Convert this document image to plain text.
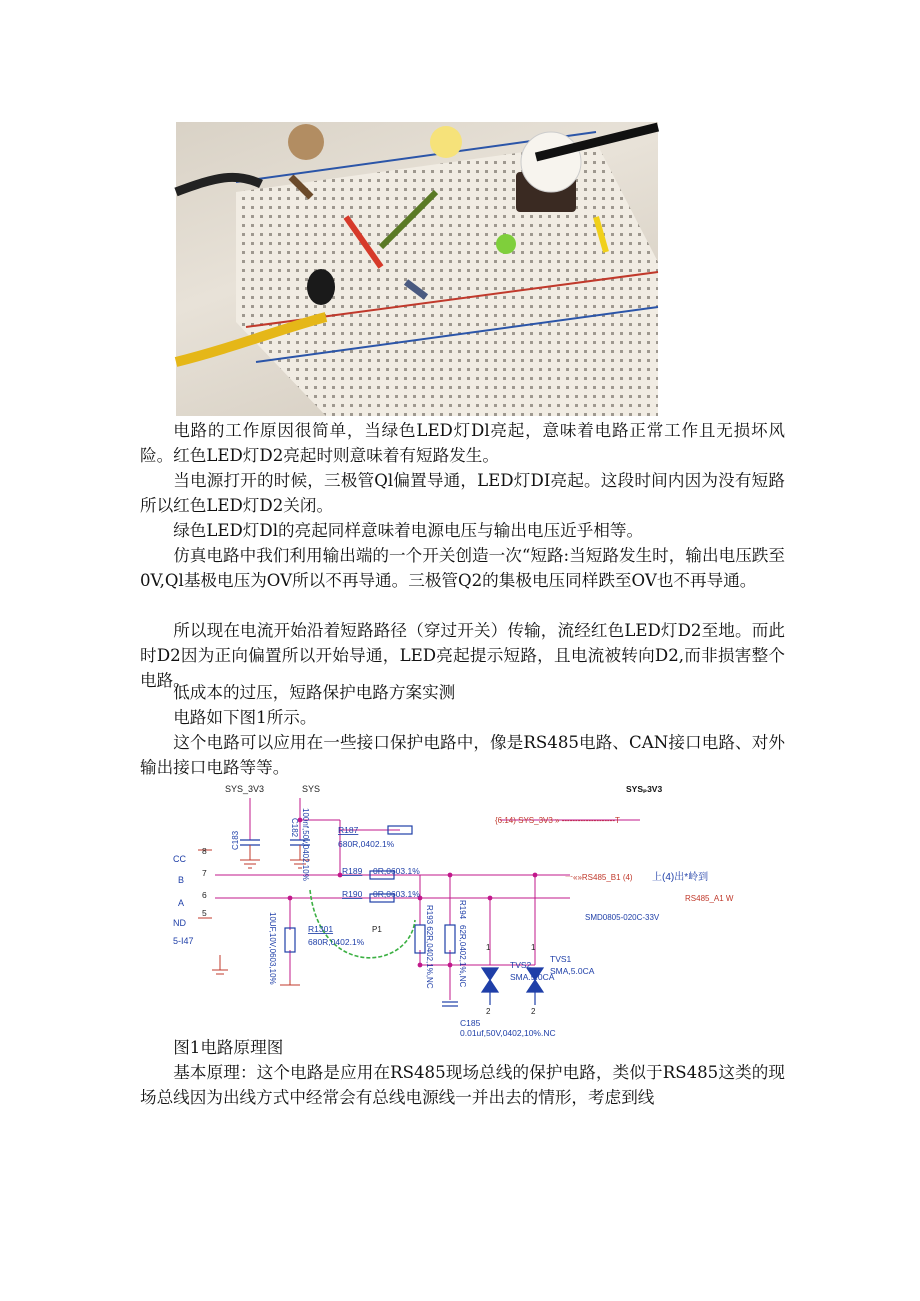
电路的工作原因很简单，当绿色LED灯Dl亮起，意味着电路正常工作且无损坏风险。红色LED灯D2亮起时则意味着有短路发生。

当电源打开的时候，三极管Ql偏置导通，LED灯DI亮起。这段时间内因为没有短路所以红色LED灯D2关闭。

绿色LED灯Dl的亮起同样意味着电源电压与输出电压近乎相等。

仿真电路中我们利用输出端的一个开关创造一次“短路:当短路发生时，输出电压跌至0V,Ql基极电压为OV所以不再导通。三极管Q2的集极电压同样跌至OV也不再导通。

所以现在电流开始沿着短路路径（穿过开关）传输，流经红色LED灯D2至地。而此时D2因为正向偏置所以开始导通，LED亮起提示短路，且电流被转向D2,而非损害整个电路。

低成本的过压，短路保护电路方案实测

电路如下图1所示。

这个电路可以应用在一些接口保护电路中，像是RS485电路、CAN接口电路、对外输出接口电路等等。

SYS_3V3	SYS	SYSₚ3V3
{6.14) SYS_3V3 » --------------------T
CC
B
A
ND
5-I47
8
7
6
5
C183
10UF,10V,0603,10%
C182 100nf,50v,0402,10%	R187
680R,0402.1%
R189 0R,0603.1%
R190 0R,0603.1%
R1301
680R,0402.1%
P1	R193 62R,0402,1%,NC	R194
62R,0402,1%,NC
C185
0.01uf,50V,0402,10%.NC
TVS2
SMA.5.0CA
TVS1
SMA,5.0CA
1	1
2	2
一«»RS485_B1 (4) 上(4)出*岭到
RS485_A1 W
SMD0805-020C-33V

图1电路原理图

基本原理：这个电路是应用在RS485现场总线的保护电路，类似于RS485这类的现场总线因为出线方式中经常会有总线电源线一并出去的情形，考虑到线
